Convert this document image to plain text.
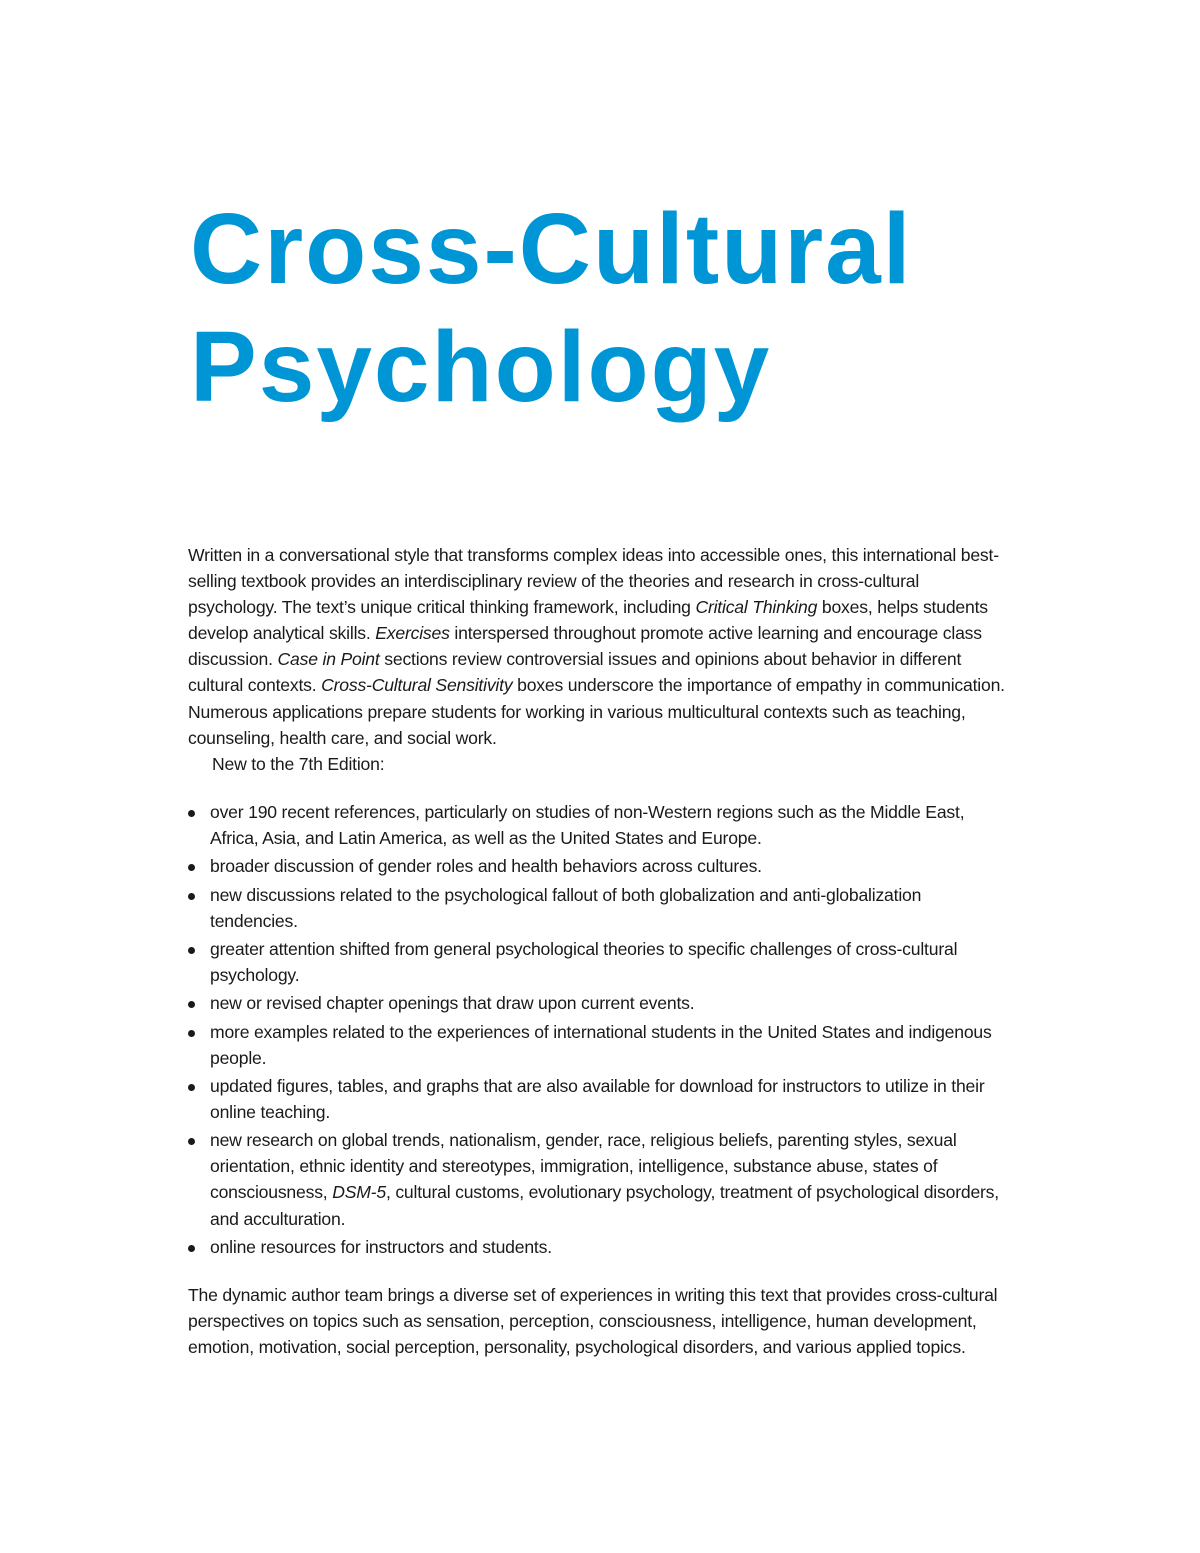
Cross-Cultural
Psychology

Written in a conversational style that transforms complex ideas into accessible ones, this international best-selling textbook provides an interdisciplinary review of the theories and research in cross-cultural psychology. The text’s unique critical thinking framework, including Critical Thinking boxes, helps students develop analytical skills. Exercises interspersed throughout promote active learning and encourage class discussion. Case in Point sections review controversial issues and opinions about behavior in different cultural contexts. Cross-Cultural Sensitivity boxes underscore the importance of empathy in communication. Numerous applications prepare students for working in various multicultural contexts such as teaching, counseling, health care, and social work.

New to the 7th Edition:

over 190 recent references, particularly on studies of non-Western regions such as the Middle East, Africa, Asia, and Latin America, as well as the United States and Europe.
broader discussion of gender roles and health behaviors across cultures.
new discussions related to the psychological fallout of both globalization and anti-globalization tendencies.
greater attention shifted from general psychological theories to specific challenges of cross-cultural psychology.
new or revised chapter openings that draw upon current events.
more examples related to the experiences of international students in the United States and indigenous people.
updated figures, tables, and graphs that are also available for download for instructors to utilize in their online teaching.
new research on global trends, nationalism, gender, race, religious beliefs, parenting styles, sexual orientation, ethnic identity and stereotypes, immigration, intelligence, substance abuse, states of consciousness, DSM-5, cultural customs, evolutionary psychology, treatment of psychological disorders, and acculturation.
online resources for instructors and students.

The dynamic author team brings a diverse set of experiences in writing this text that provides cross-cultural perspectives on topics such as sensation, perception, consciousness, intelligence, human development, emotion, motivation, social perception, personality, psychological disorders, and various applied topics.
